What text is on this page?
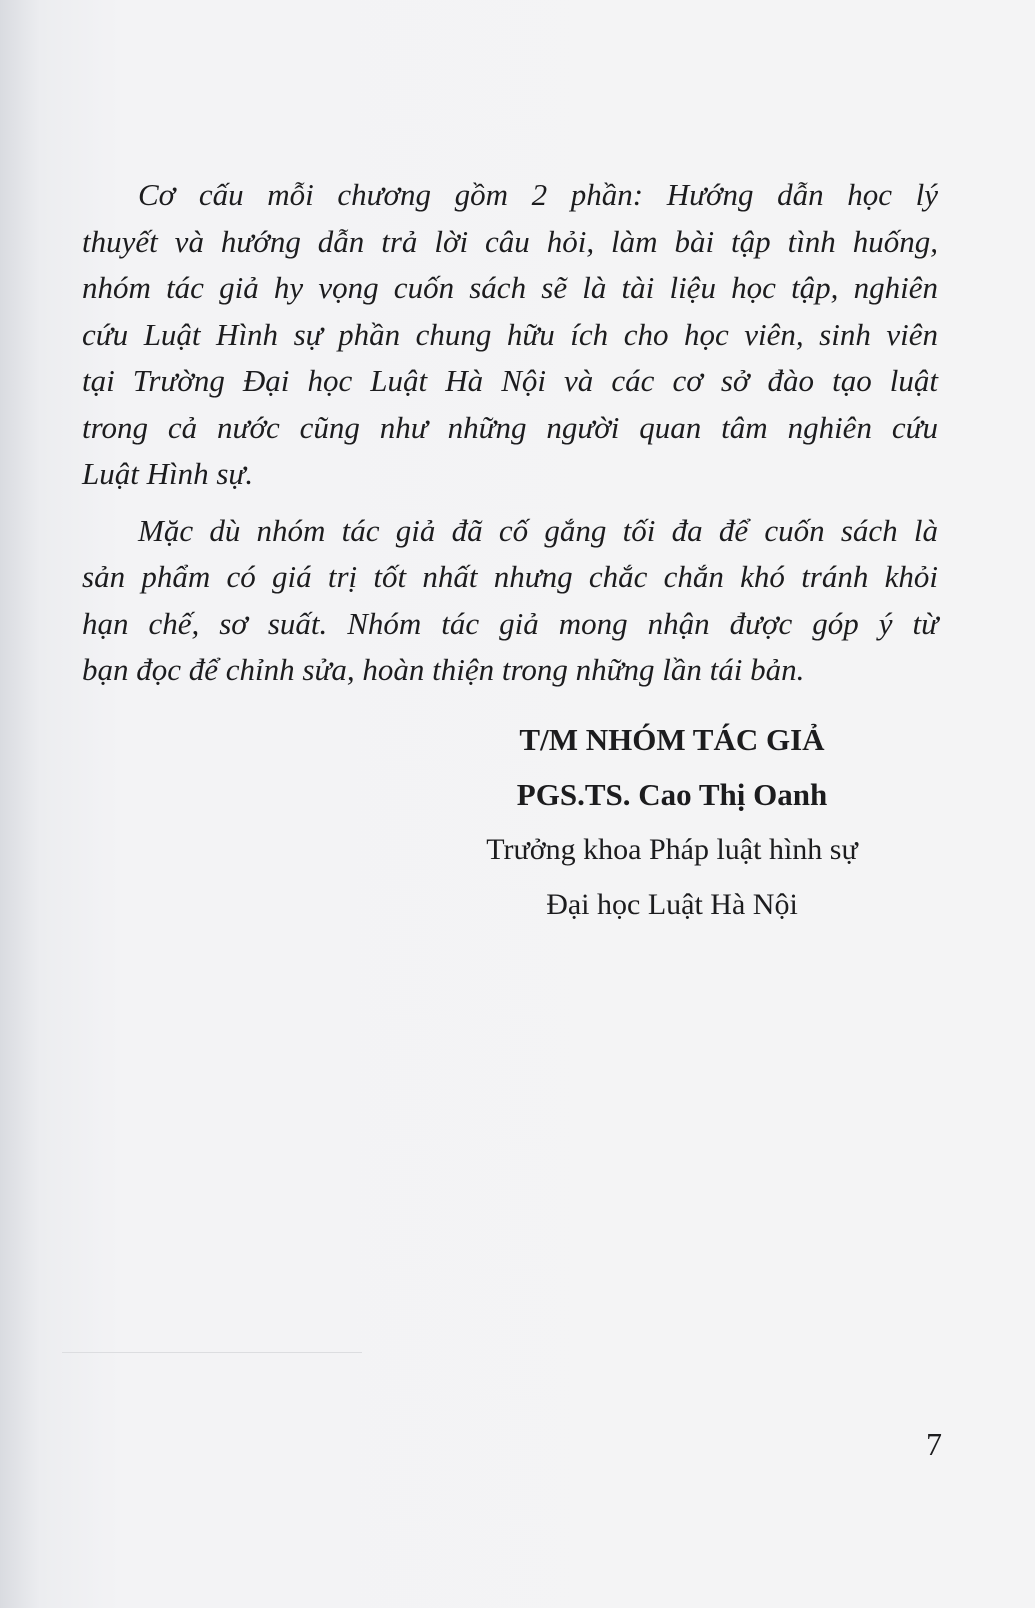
Cơ cấu mỗi chương gồm 2 phần: Hướng dẫn học lý
thuyết và hướng dẫn trả lời câu hỏi, làm bài tập tình huống,
nhóm tác giả hy vọng cuốn sách sẽ là tài liệu học tập, nghiên
cứu Luật Hình sự phần chung hữu ích cho học viên, sinh viên
tại Trường Đại học Luật Hà Nội và các cơ sở đào tạo luật
trong cả nước cũng như những người quan tâm nghiên cứu
Luật Hình sự.
Mặc dù nhóm tác giả đã cố gắng tối đa để cuốn sách là
sản phẩm có giá trị tốt nhất nhưng chắc chắn khó tránh khỏi
hạn chế, sơ suất. Nhóm tác giả mong nhận được góp ý từ
bạn đọc để chỉnh sửa, hoàn thiện trong những lần tái bản.
T/M NHÓM TÁC GIẢ
PGS.TS. Cao Thị Oanh
Trưởng khoa Pháp luật hình sự
Đại học Luật Hà Nội
7
